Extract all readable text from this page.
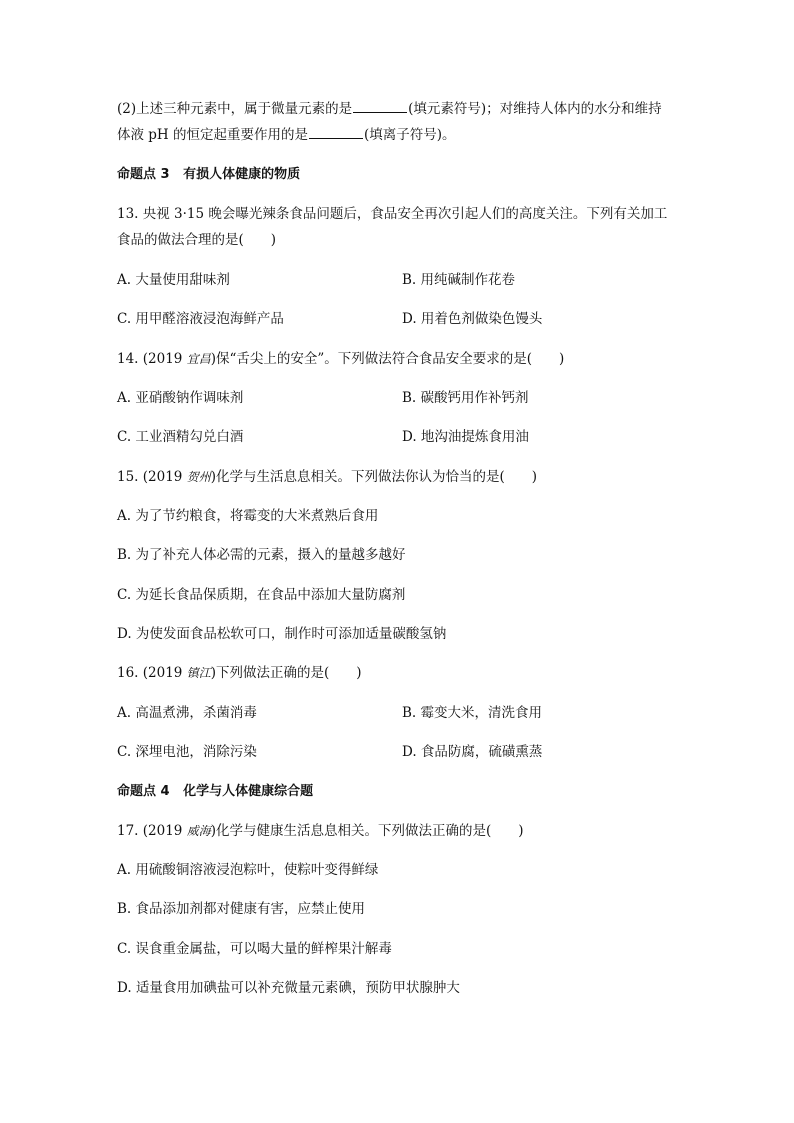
(2)上述三种元素中，属于微量元素的是	(填元素符号)；对维持人体内的水分和维持
体液 pH 的恒定起重要作用的是	(填离子符号)。
命题点 3 有损人体健康的物质
13. 央视 3·15 晚会曝光辣条食品问题后，食品安全再次引起人们的高度关注。下列有关加工
食品的做法合理的是(　　)
A. 大量使用甜味剂	B. 用纯碱制作花卷
C. 用甲醛溶液浸泡海鲜产品	D. 用着色剂做染色馒头
14. (2019 宜昌)保“舌尖上的安全”。下列做法符合食品安全要求的是(　　)
A. 亚硝酸钠作调味剂	B. 碳酸钙用作补钙剂
C. 工业酒精勾兑白酒	D. 地沟油提炼食用油
15. (2019 贺州)化学与生活息息相关。下列做法你认为恰当的是(　　)
A. 为了节约粮食，将霉变的大米煮熟后食用
B. 为了补充人体必需的元素，摄入的量越多越好
C. 为延长食品保质期，在食品中添加大量防腐剂
D. 为使发面食品松软可口，制作时可添加适量碳酸氢钠
16. (2019 镇江)下列做法正确的是(　　)
A. 高温煮沸，杀菌消毒	B. 霉变大米，清洗食用
C. 深埋电池，消除污染	D. 食品防腐，硫磺熏蒸
命题点 4 化学与人体健康综合题
17. (2019 威海)化学与健康生活息息相关。下列做法正确的是(　　)
A. 用硫酸铜溶液浸泡粽叶，使粽叶变得鲜绿
B. 食品添加剂都对健康有害，应禁止使用
C. 误食重金属盐，可以喝大量的鲜榨果汁解毒
D. 适量食用加碘盐可以补充微量元素碘，预防甲状腺肿大
